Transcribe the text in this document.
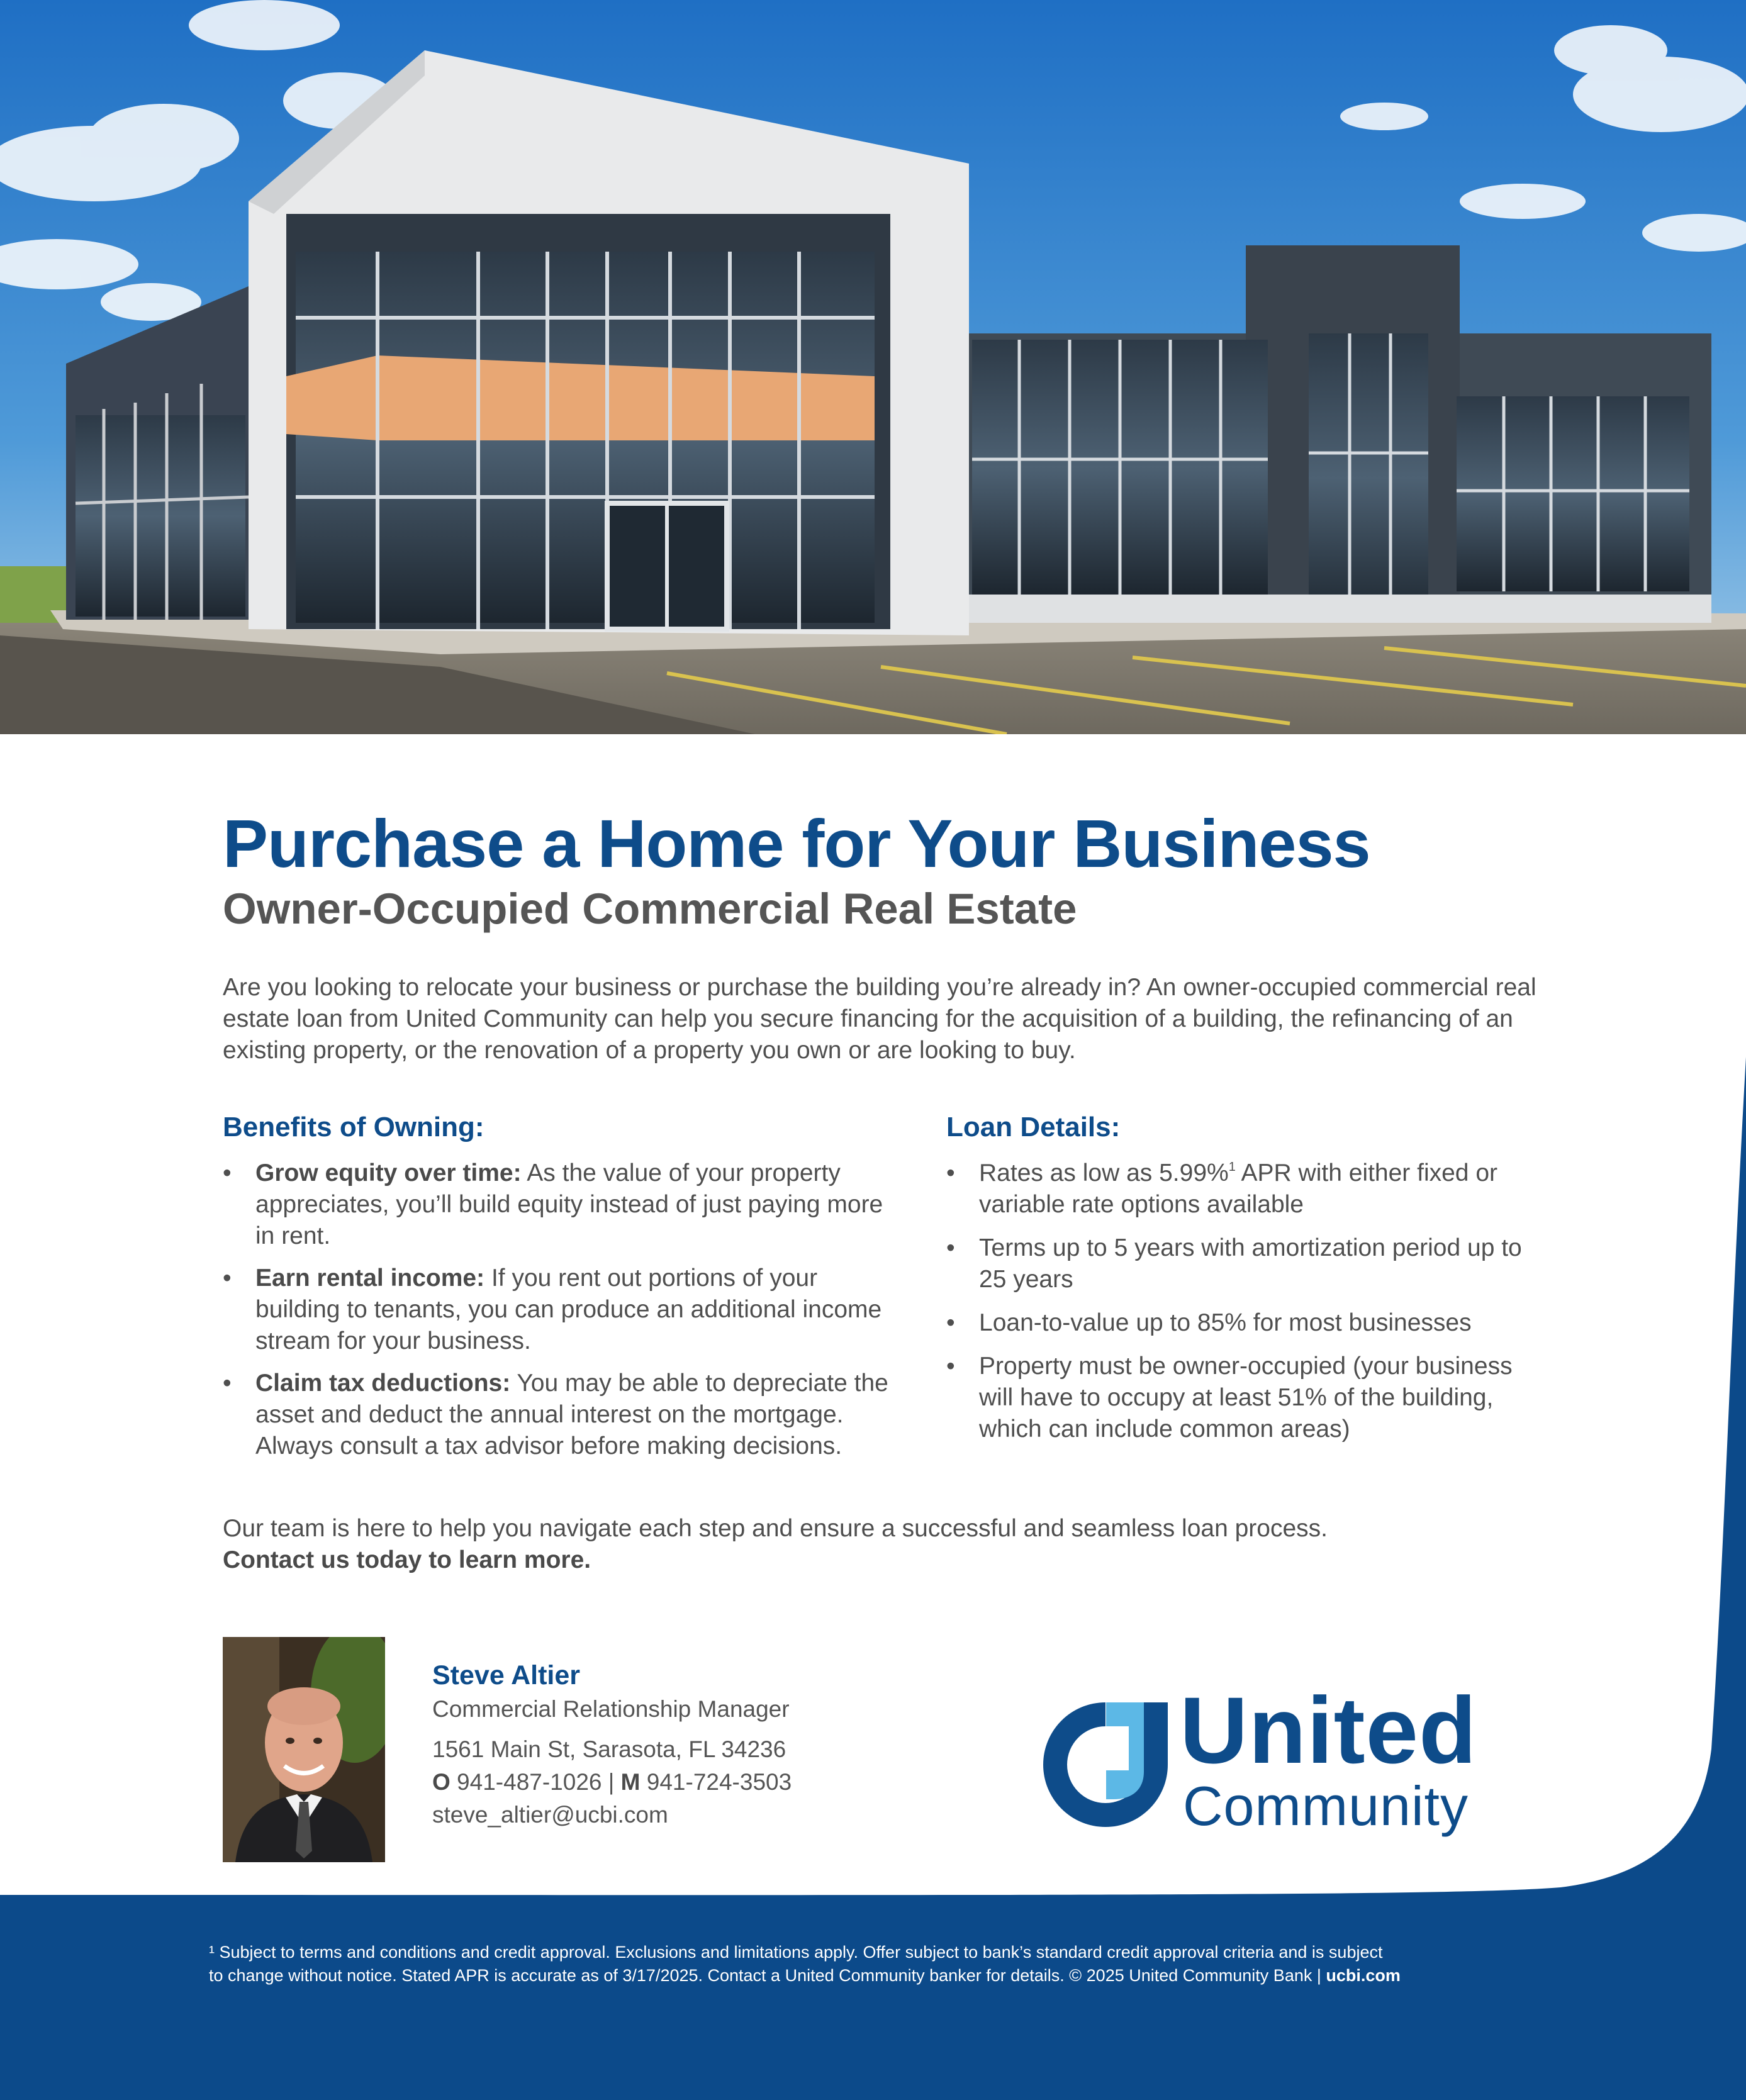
¹ Subject to terms and conditions and credit approval. Exclusions and limitations apply. Offer subject to bank’s standard credit approval criteria and is subject
to change without notice. Stated APR is accurate as of 3/17/2025. Contact a United Community banker for details. © 2025 United Community Bank | ucbi.com
Purchase a Home for Your Business
Owner-Occupied Commercial Real Estate

Are you looking to relocate your business or purchase the building you’re already in? An owner-occupied commercial real estate loan from United Community can help you secure financing for the acquisition of a building, the refinancing of an existing property, or the renovation of a property you own or are looking to buy.

Benefits of Owning:
• Grow equity over time: As the value of your property appreciates, you’ll build equity instead of just paying more in rent.
• Earn rental income: If you rent out portions of your building to tenants, you can produce an additional income stream for your business.
• Claim tax deductions: You may be able to depreciate the asset and deduct the annual interest on the mortgage. Always consult a tax advisor before making decisions.
Loan Details:
• Rates as low as 5.99%$^1$ APR with either fixed or variable rate options available
• Terms up to 5 years with amortization period up to 25 years
• Loan-to-value up to 85% for most businesses
• Property must be owner-occupied (your business will have to occupy at least 51% of the building, which can include common areas)

Our team is here to help you navigate each step and ensure a successful and seamless loan process.
Contact us today to learn more.

Steve Altier
Commercial Relationship Manager
1561 Main St, Sarasota, FL 34236
O 941-487-1026 | M 941-724-3503
steve_altier@ucbi.com
United
Community
